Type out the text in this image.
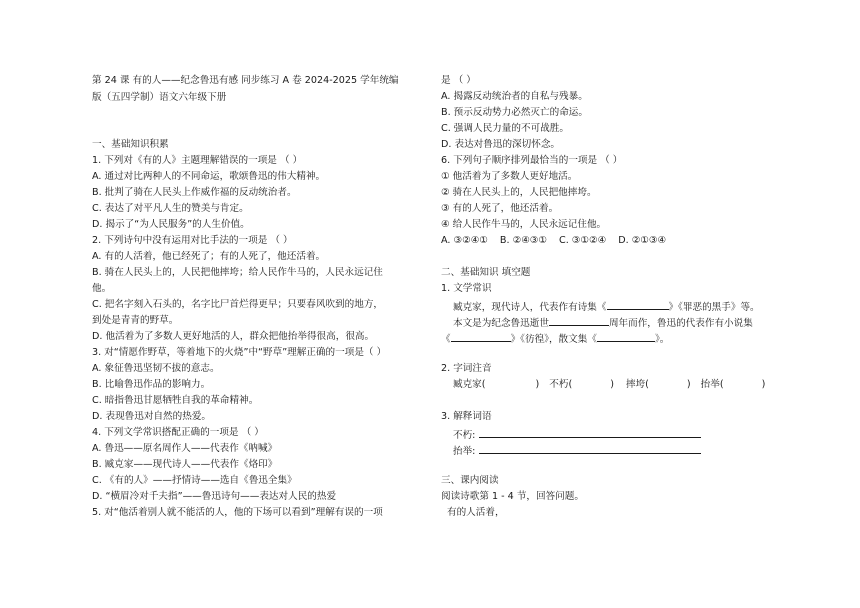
第 24 课 有的人——纪念鲁迅有感 同步练习 A 卷 2024-2025 学年统编
版（五四学制）语文六年级下册
一、基础知识积累
1. 下列对《有的人》主题理解错误的一项是 （ ）
A. 通过对比两种人的不同命运，歌颂鲁迅的伟大精神。
B. 批判了骑在人民头上作威作福的反动统治者。
C. 表达了对平凡人生的赞美与肯定。
D. 揭示了“为人民服务”的人生价值。
2. 下列诗句中没有运用对比手法的一项是 （ ）
A. 有的人活着，他已经死了；有的人死了，他还活着。
B. 骑在人民头上的，人民把他摔垮；给人民作牛马的，人民永远记住
他。
C. 把名字刻入石头的，名字比尸首烂得更早；只要春风吹到的地方，
到处是青青的野草。
D. 他活着为了多数人更好地活的人，群众把他抬举得很高，很高。
3. 对“情愿作野草，等着地下的火烧”中“野草”理解正确的一项是（ ）
A. 象征鲁迅坚韧不拔的意志。
B. 比喻鲁迅作品的影响力。
C. 暗指鲁迅甘愿牺牲自我的革命精神。
D. 表现鲁迅对自然的热爱。
4. 下列文学常识搭配正确的一项是 （ ）
A. 鲁迅——原名周作人——代表作《呐喊》
B. 臧克家——现代诗人——代表作《烙印》
C. 《有的人》——抒情诗——选自《鲁迅全集》
D. “横眉冷对千夫指”——鲁迅诗句——表达对人民的热爱
5. 对“他活着别人就不能活的人，他的下场可以看到”理解有误的一项
是 （ ）
A. 揭露反动统治者的自私与残暴。
B. 预示反动势力必然灭亡的命运。
C. 强调人民力量的不可战胜。
D. 表达对鲁迅的深切怀念。
6. 下列句子顺序排列最恰当的一项是 （ ）
① 他活着为了多数人更好地活。
② 骑在人民头上的，人民把他摔垮。
③ 有的人死了，他还活着。
④ 给人民作牛马的，人民永远记住他。
A. ③②④① B. ②④③① C. ③①②④ D. ②①③④
二、基础知识 填空题
1. 文学常识
臧克家，现代诗人，代表作有诗集《	》《罪恶的黑手》等。
本文是为纪念鲁迅逝世	周年而作，鲁迅的代表作有小说集
《	》《彷徨》，散文集《	》。
2. 字词注音
臧克家(	) 不朽(	) 摔垮(	) 抬举(	)
3. 解释词语
不朽:
抬举:
三、课内阅读
阅读诗歌第 1 - 4 节，回答问题。
有的人活着，
